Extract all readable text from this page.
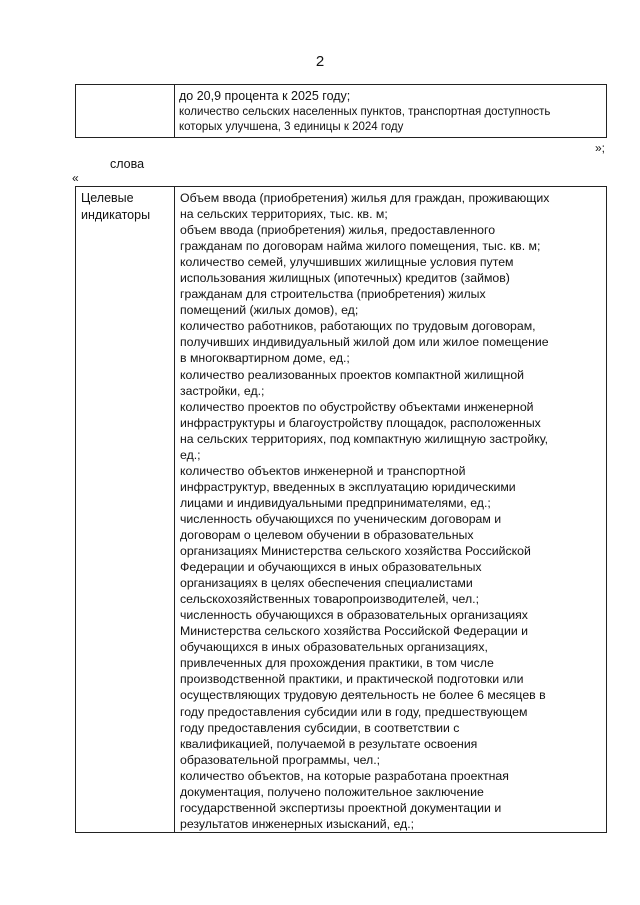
2
до 20,9 процента к 2025 году;
количество сельских населенных пунктов, транспортная доступность
которых улучшена, 3 единицы к 2024 году
»;
слова
«
Целевые
индикаторы
Объем ввода (приобретения) жилья для граждан, проживающих
на сельских территориях, тыс. кв. м;
объем ввода (приобретения) жилья, предоставленного
гражданам по договорам найма жилого помещения, тыс. кв. м;
количество семей, улучшивших жилищные условия путем
использования жилищных (ипотечных) кредитов (займов)
гражданам для строительства (приобретения) жилых
помещений (жилых домов), ед;
количество работников, работающих по трудовым договорам,
получивших индивидуальный жилой дом или жилое помещение
в многоквартирном доме, ед.;
количество реализованных проектов компактной жилищной
застройки, ед.;
количество проектов по обустройству объектами инженерной
инфраструктуры и благоустройству площадок, расположенных
на сельских территориях, под компактную жилищную застройку,
ед.;
количество объектов инженерной и транспортной
инфраструктур, введенных в эксплуатацию юридическими
лицами и индивидуальными предпринимателями, ед.;
численность обучающихся по ученическим договорам и
договорам о целевом обучении в образовательных
организациях Министерства сельского хозяйства Российской
Федерации и обучающихся в иных образовательных
организациях в целях обеспечения специалистами
сельскохозяйственных товаропроизводителей, чел.;
численность обучающихся в образовательных организациях
Министерства сельского хозяйства Российской Федерации и
обучающихся в иных образовательных организациях,
привлеченных для прохождения практики, в том числе
производственной практики, и практической подготовки или
осуществляющих трудовую деятельность не более 6 месяцев в
году предоставления субсидии или в году, предшествующем
году предоставления субсидии, в соответствии с
квалификацией, получаемой в результате освоения
образовательной программы, чел.;
количество объектов, на которые разработана проектная
документация, получено положительное заключение
государственной экспертизы проектной документации и
результатов инженерных изысканий, ед.;
